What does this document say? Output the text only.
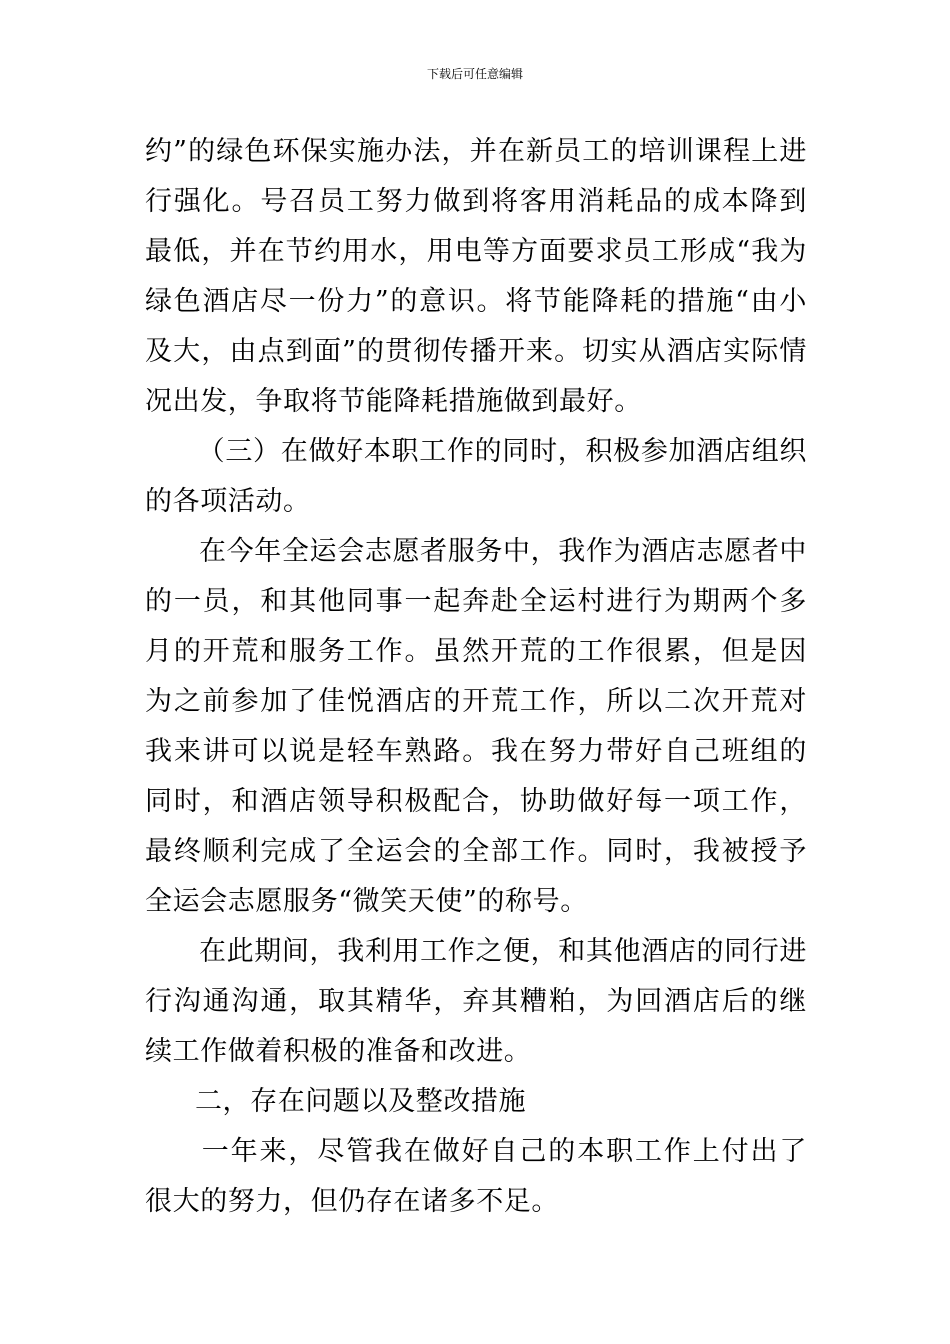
下载后可任意编辑

约”的绿色环保实施办法，并在新员工的培训课程上进行强化。号召员工努力做到将客用消耗品的成本降到最低，并在节约用水，用电等方面要求员工形成“我为绿色酒店尽一份力”的意识。将节能降耗的措施“由小及大，由点到面”的贯彻传播开来。切实从酒店实际情况出发，争取将节能降耗措施做到最好。

（三）在做好本职工作的同时，积极参加酒店组织的各项活动。

在今年全运会志愿者服务中，我作为酒店志愿者中的一员，和其他同事一起奔赴全运村进行为期两个多月的开荒和服务工作。虽然开荒的工作很累，但是因为之前参加了佳悦酒店的开荒工作，所以二次开荒对我来讲可以说是轻车熟路。我在努力带好自己班组的同时，和酒店领导积极配合，协助做好每一项工作，最终顺利完成了全运会的全部工作。同时，我被授予全运会志愿服务“微笑天使”的称号。

在此期间，我利用工作之便，和其他酒店的同行进行沟通沟通，取其精华，弃其糟粕，为回酒店后的继续工作做着积极的准备和改进。

二，存在问题以及整改措施

一年来，尽管我在做好自己的本职工作上付出了很大的努力，但仍存在诸多不足。
